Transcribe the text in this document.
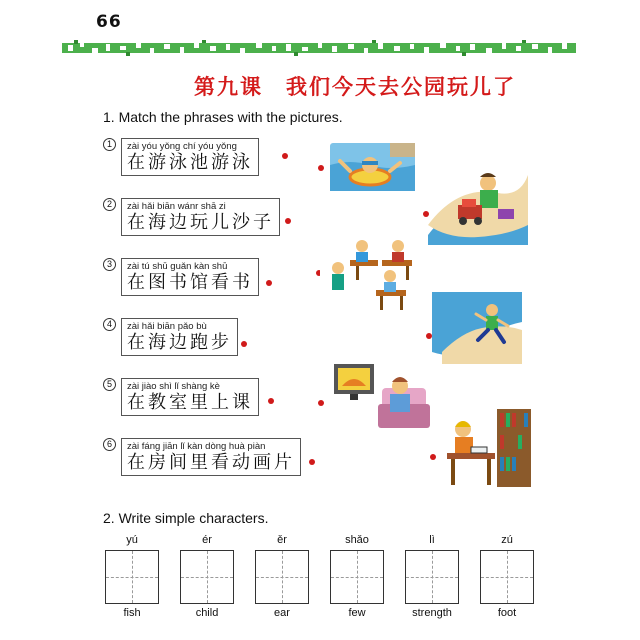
66
第九课　我们今天去公园玩儿了
1. Match the phrases with the pictures.
1	zài yóu yǒng chí yóu yǒng
在游泳池游泳
2	zài hǎi biān wánr shā zi
在海边玩儿沙子
3	zài tú shū guǎn kàn shū
在图书馆看书
4	zài hǎi biān pǎo bù
在海边跑步
5	zài jiào shì lǐ shàng kè
在教室里上课
6	zài fáng jiān lǐ kàn dòng huà piàn
在房间里看动画片
2. Write simple characters.
yú
fish
ér
child
ěr
ear
shǎo
few
lì
strength
zú
foot
